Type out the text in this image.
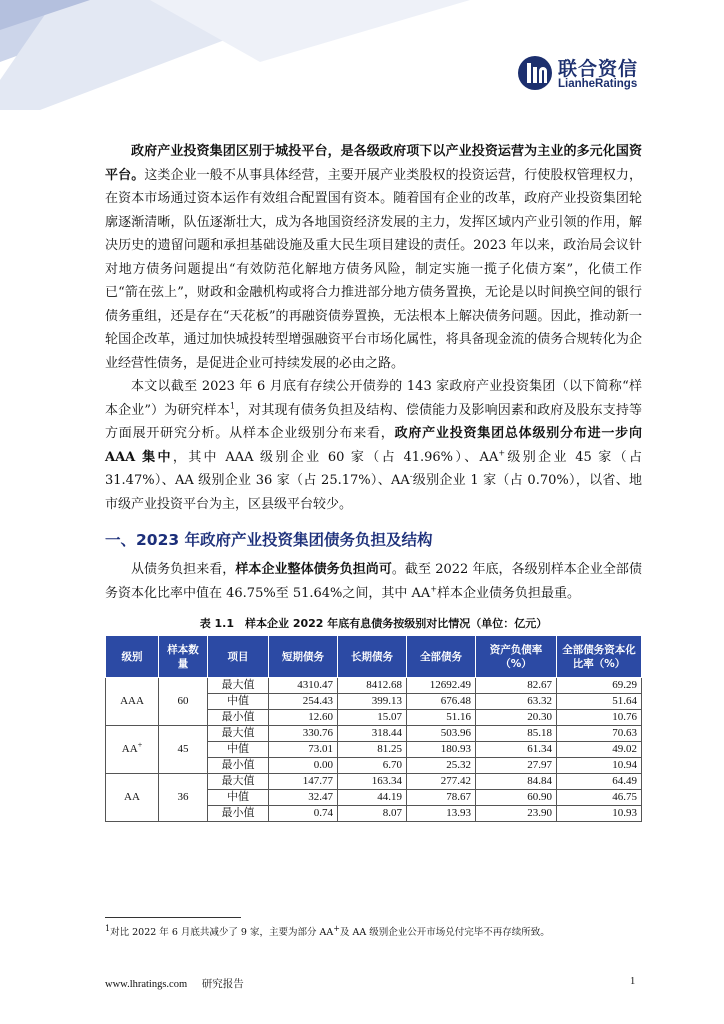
联合资信
LianheRatings

政府产业投资集团区别于城投平台，是各级政府项下以产业投资运营为主业的多元化国资平台。这类企业一般不从事具体经营，主要开展产业类股权的投资运营，行使股权管理权力，在资本市场通过资本运作有效组合配置国有资本。随着国有企业的改革，政府产业投资集团轮廓逐渐清晰，队伍逐渐壮大，成为各地国资经济发展的主力，发挥区域内产业引领的作用，解决历史的遗留问题和承担基础设施及重大民生项目建设的责任。2023 年以来，政治局会议针对地方债务问题提出“有效防范化解地方债务风险，制定实施一揽子化债方案”，化债工作已“箭在弦上”，财政和金融机构或将合力推进部分地方债务置换，无论是以时间换空间的银行债务重组，还是存在“天花板”的再融资债券置换，无法根本上解决债务问题。因此，推动新一轮国企改革，通过加快城投转型增强融资平台市场化属性，将具备现金流的债务合规转化为企业经营性债务，是促进企业可持续发展的必由之路。

本文以截至 2023 年 6 月底有存续公开债券的 143 家政府产业投资集团（以下简称“样本企业”）为研究样本$^1$，对其现有债务负担及结构、偿债能力及影响因素和政府及股东支持等方面展开研究分析。从样本企业级别分布来看，政府产业投资集团总体级别分布进一步向 AAA 集中，其中 AAA 级别企业 60 家（占 41.96%）、AA+级别企业 45 家（占 31.47%）、AA 级别企业 36 家（占 25.17%）、AA-级别企业 1 家（占 0.70%），以省、地市级产业投资平台为主，区县级平台较少。

一、2023 年政府产业投资集团债务负担及结构

从债务负担来看，样本企业整体债务负担尚可。截至 2022 年底，各级别样本企业全部债务资本化比率中值在 46.75%至 51.64%之间，其中 AA+样本企业债务负担最重。

表 1.1　样本企业 2022 年底有息债务按级别对比情况（单位：亿元）
级别	样本数量	项目	短期债务	长期债务	全部债务	资产负债率（%）	全部债务资本化比率（%）
AAA	60	最大值	4310.47	8412.68	12692.49	82.67	69.29
		中值	254.43	399.13	676.48	63.32	51.64
		最小值	12.60	15.07	51.16	20.30	10.76
AA+	45	最大值	330.76	318.44	503.96	85.18	70.63
		中值	73.01	81.25	180.93	61.34	49.02
		最小值	0.00	6.70	25.32	27.97	10.94
AA	36	最大值	147.77	163.34	277.42	84.84	64.49
		中值	32.47	44.19	78.67	60.90	46.75
		最小值	0.74	8.07	13.93	23.90	10.93
$^1$对比 2022 年 6 月底共减少了 9 家，主要为部分 AA+及 AA 级别企业公开市场兑付完毕不再存续所致。
www.lhratings.com 研究报告	1
